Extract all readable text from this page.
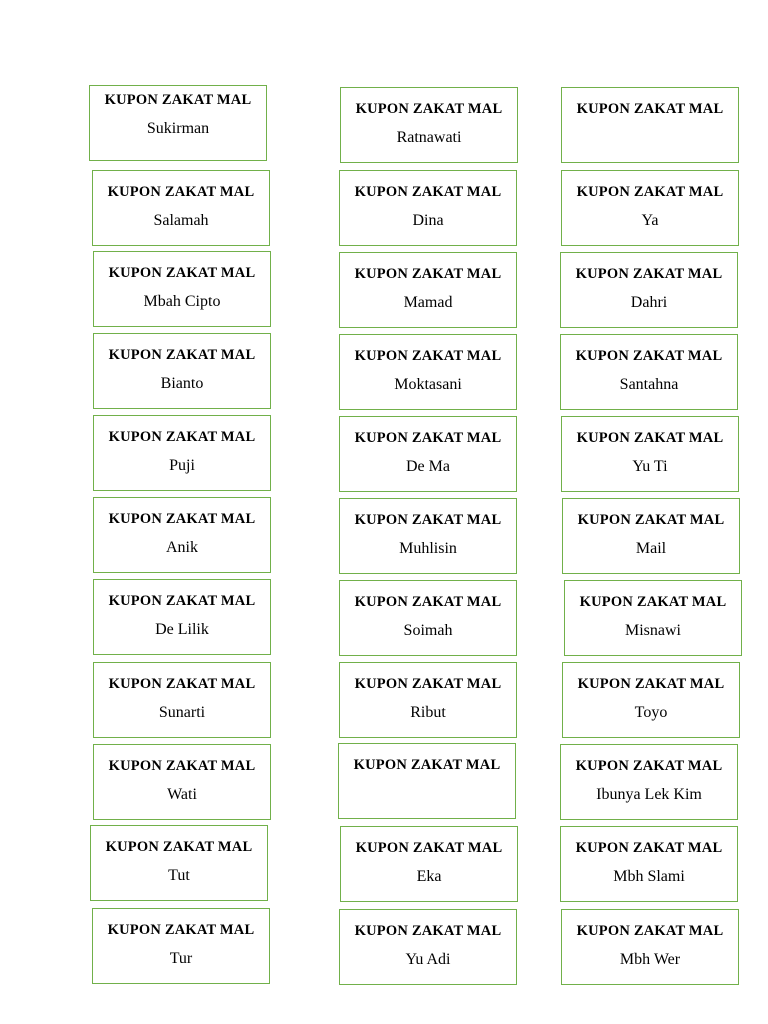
KUPON ZAKAT MAL
Sukirman
KUPON ZAKAT MAL
Ratnawati
KUPON ZAKAT MAL
KUPON ZAKAT MAL
Salamah
KUPON ZAKAT MAL
Dina
KUPON ZAKAT MAL
Ya
KUPON ZAKAT MAL
Mbah Cipto
KUPON ZAKAT MAL
Mamad
KUPON ZAKAT MAL
Dahri
KUPON ZAKAT MAL
Bianto
KUPON ZAKAT MAL
Moktasani
KUPON ZAKAT MAL
Santahna
KUPON ZAKAT MAL
Puji
KUPON ZAKAT MAL
De Ma
KUPON ZAKAT MAL
Yu Ti
KUPON ZAKAT MAL
Anik
KUPON ZAKAT MAL
Muhlisin
KUPON ZAKAT MAL
Mail
KUPON ZAKAT MAL
De Lilik
KUPON ZAKAT MAL
Soimah
KUPON ZAKAT MAL
Misnawi
KUPON ZAKAT MAL
Sunarti
KUPON ZAKAT MAL
Ribut
KUPON ZAKAT MAL
Toyo
KUPON ZAKAT MAL
Wati
KUPON ZAKAT MAL	KUPON ZAKAT MAL
Ibunya Lek Kim
KUPON ZAKAT MAL
Tut
KUPON ZAKAT MAL
Eka
KUPON ZAKAT MAL
Mbh Slami
KUPON ZAKAT MAL
Tur
KUPON ZAKAT MAL
Yu Adi
KUPON ZAKAT MAL
Mbh Wer
